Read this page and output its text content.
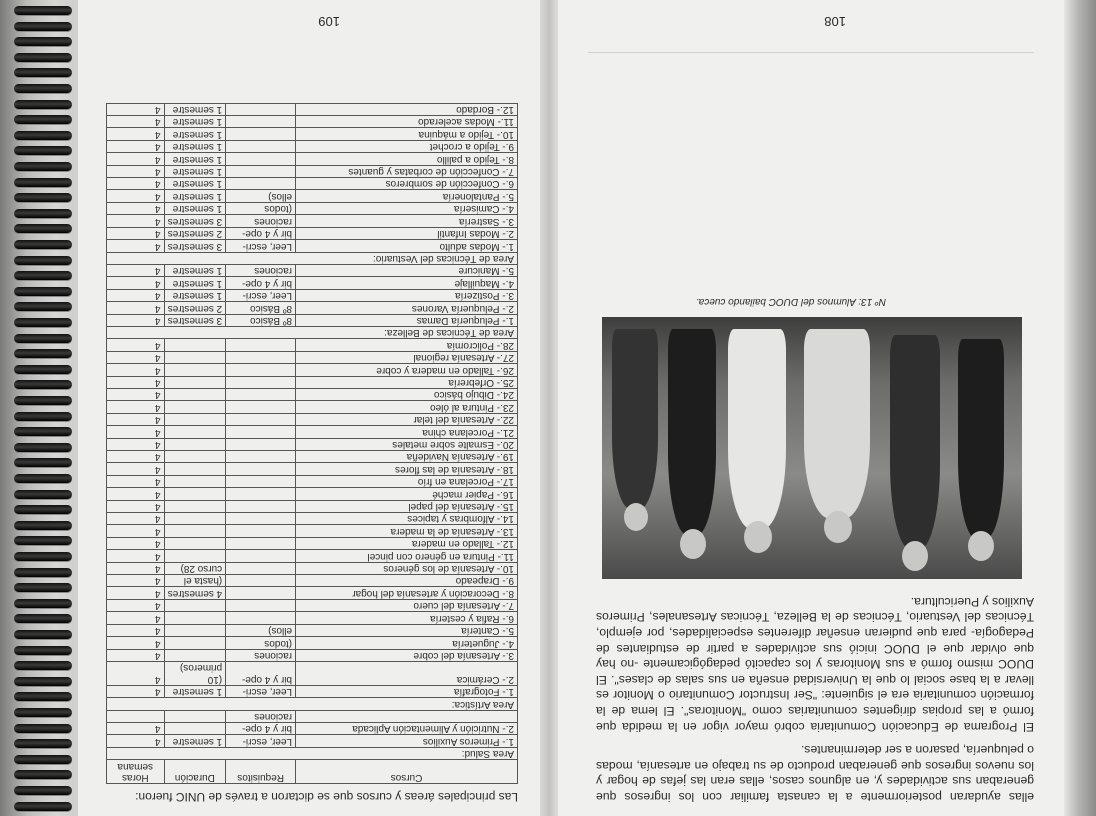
Las principales áreas y cursos que se dictaron a través de UNIC fueron:

Cursos	Requisitos	Duración	Horas semana
Area Salud:			
1.- Primeros Auxilios	Leer, escri-	1 semestre	4
2.- Nutrición y Alimentación Aplicada	bir y 4 ope-		4
	raciones		
Area Artística:			
1.- Fotografía	Leer, escri-	1 semestre	4
2.- Cerámica	bir y 4 ope-	(10 primeros)	4
3.- Artesanía del cobre	raciones		4
4.- Juguetería	(todos		4
5.- Cantería	ellos)		4
6.- Rafia y cestería			4
7.- Artesanía del cuero			4
8.- Decoración y artesanía del hogar		4 semestres	4
9.- Drapeado		(hasta el	4
10.- Artesanía de los géneros		curso 28)	4
11.- Pintura en género con pincel			4
12.- Tallado en madera			4
13.- Artesanía de la madera			4
14.- Alfombras y tapices			4
15.- Artesanía del papel			4
16.- Papier maché			4
17.- Porcelana en frío			4
18.- Artesanía de las flores			4
19.- Artesanía Navideña			4
20.- Esmalte sobre metales			4
21.- Porcelana china			4
22.- Artesanía del telar			4
23.- Pintura al óleo			4
24.- Dibujo básico			4
25.- Orfebrería			4
26.- Tallado en madera y cobre			4
27.- Artesanía regional			4
28.- Policromía			4
Area de Técnicas de Belleza:			
1.- Peluquería Damas	8º Básico	3 semestres	4
2.- Peluquería Varones	8º Básico	2 semestres	4
3.- Postizería	Leer, escri-	1 semestre	4
4.- Maquillaje	bir y 4 ope-	1 semestre	4
5.- Manicure	raciones	1 semestre	4
Area de Técnicas del Vestuario:			
1.- Modas adulto	Leer, escri-	3 semestres	4
2.- Modas Infantil	bir y 4 ope-	2 semestres	4
3.- Sastrería	raciones	3 semestres	4
4.- Camisería	(todos	1 semestre	4
5.- Pantalonería	ellos)	1 semestre	4
6.- Confección de sombreros		1 semestre	4
7.- Confección de corbatas y guantes		1 semestre	4
8.- Tejido a palillo		1 semestre	4
9.- Tejido a crochet		1 semestre	4
10.- Tejido a máquina		1 semestre	4
11.- Modas acelerado		1 semestre	4
12.- Bordado		1 semestre	4
109

ellas ayudaran posteriormente a la canasta familiar con los ingresos que generaban sus actividades y, en algunos casos, ellas eran las jefas de hogar y los nuevos ingresos que generaban producto de su trabajo en artesanía, modas o peluquería, pasaron a ser determinantes.

El Programa de Educación Comunitaria cobró mayor vigor en la medida que formó a las propias dirigentes comunitarias como "Monitoras". El lema de la formación comunitaria era el siguiente: "Ser Instructor Comunitario o Monitor es llevar a la base social lo que la Universidad enseña en sus salas de clases". El DUOC mismo formó a sus Monitoras y los capacitó pedagógicamente -no hay que olvidar que el DUOC inició sus actividades a partir de estudiantes de Pedagogía- para que pudieran enseñar diferentes especialidades, por ejemplo, Técnicas del Vestuario, Técnicas de la Belleza, Técnicas Artesanales, Primeros Auxilios y Puericultura.

Nº 13: Alumnos del DUOC bailando cueca.
108
